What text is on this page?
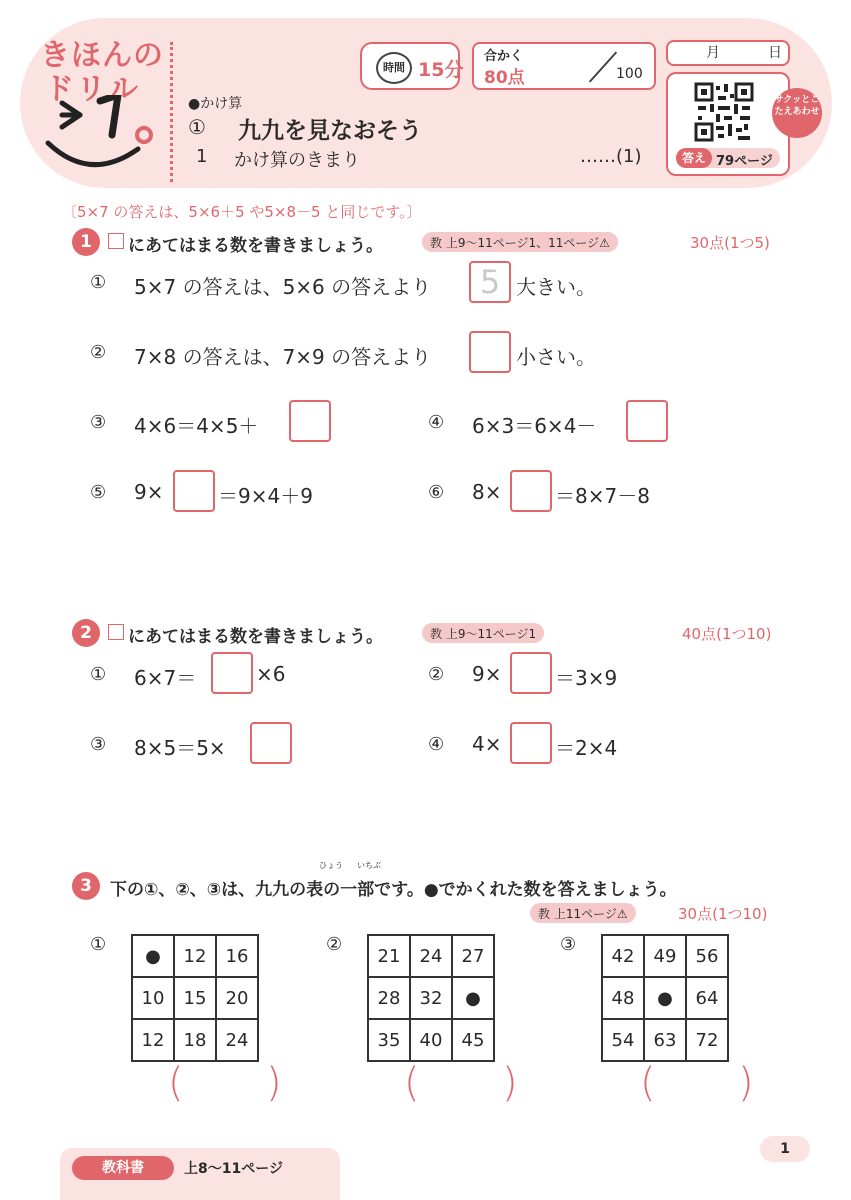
きほんの
ドリル
時間 15分
合かく
80点	100
月	日
サクッとこたえあわせ
答え 79ページ
●かけ算
① 九九を見なおそう
1 かけ算のきまり	……(1)
〔5×7 の答えは、5×6＋5 や5×8－5 と同じです。〕
1	にあてはまる数を書きましょう。	教 上9〜11ページ1、11ページ⚠	30点(1つ5)
① 5×7 の答えは、5×6 の答えより	5 大きい。
② 7×8 の答えは、7×9 の答えより	小さい。
③ 4×6＝4×5＋	④ 6×3＝6×4－
⑤ 9×	＝9×4＋9	⑥ 8×	＝8×7－8
2	にあてはまる数を書きましょう。	教 上9〜11ページ1	40点(1つ10)
① 6×7＝	×6	② 9×	＝3×9
③ 8×5＝5×	④ 4×	＝2×4
3
ひょう いちぶ
下の①、②、③は、九九の表の一部です。●でかくれた数を答えましょう。
教 上11ページ⚠	30点(1つ10)
①
●	12	16
10	15	20
12	18	24
( )
②
21	24	27
28	32	●
35	40	45
( )
③
42	49	56
48	●	64
54	63	72
( )
教科書	上8〜11ページ
1
